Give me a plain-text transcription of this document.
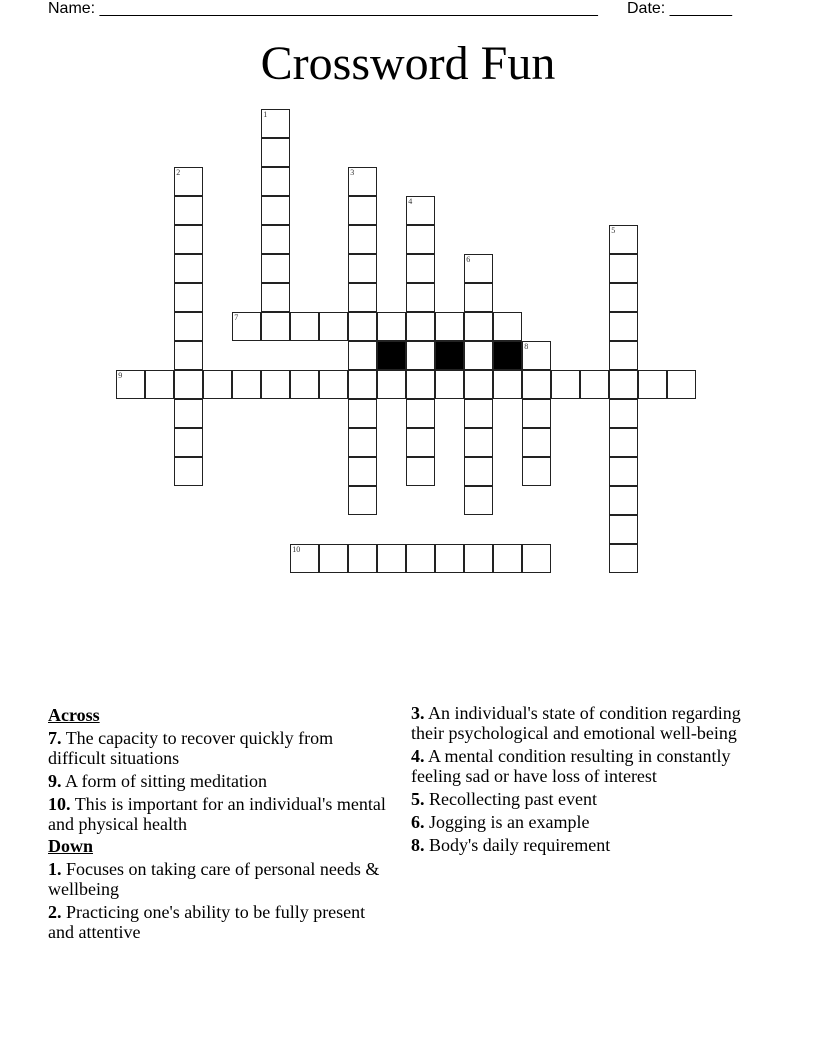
Name: ________________________________________________________ Date: _______
Crossword Fun
1
2	3
4
5
6
7
8
9
10
Across
7. The capacity to recover quickly from difficult situations
9. A form of sitting meditation
10. This is important for an individual's mental and physical health
Down
1. Focuses on taking care of personal needs & wellbeing
2. Practicing one's ability to be fully present and attentive
3. An individual's state of condition regarding their psychological and emotional well-being
4. A mental condition resulting in constantly feeling sad or have loss of interest
5. Recollecting past event
6. Jogging is an example
8. Body's daily requirement
